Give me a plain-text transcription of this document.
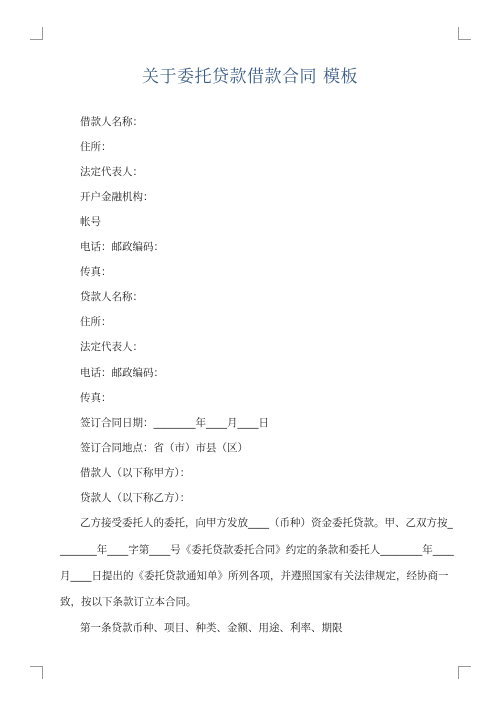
关于委托贷款借款合同 模板
借款人名称：
住所：
法定代表人：
开户金融机构：
帐号
电话：邮政编码：
传真：
贷款人名称：
住所：
法定代表人：
电话：邮政编码：
传真：
签订合同日期：________年____月____日
签订合同地点：省（市）市县（区）
借款人（以下称甲方）：
贷款人（以下称乙方）：
乙方接受委托人的委托，向甲方发放____（币种）资金委托贷款。甲、乙双方按_
_______年____字第____号《委托贷款委托合同》约定的条款和委托人________年____
月____日提出的《委托贷款通知单》所列各项，并遵照国家有关法律规定，经协商一
致，按以下条款订立本合同。
第一条贷款币种、项目、种类、金额、用途、利率、期限
